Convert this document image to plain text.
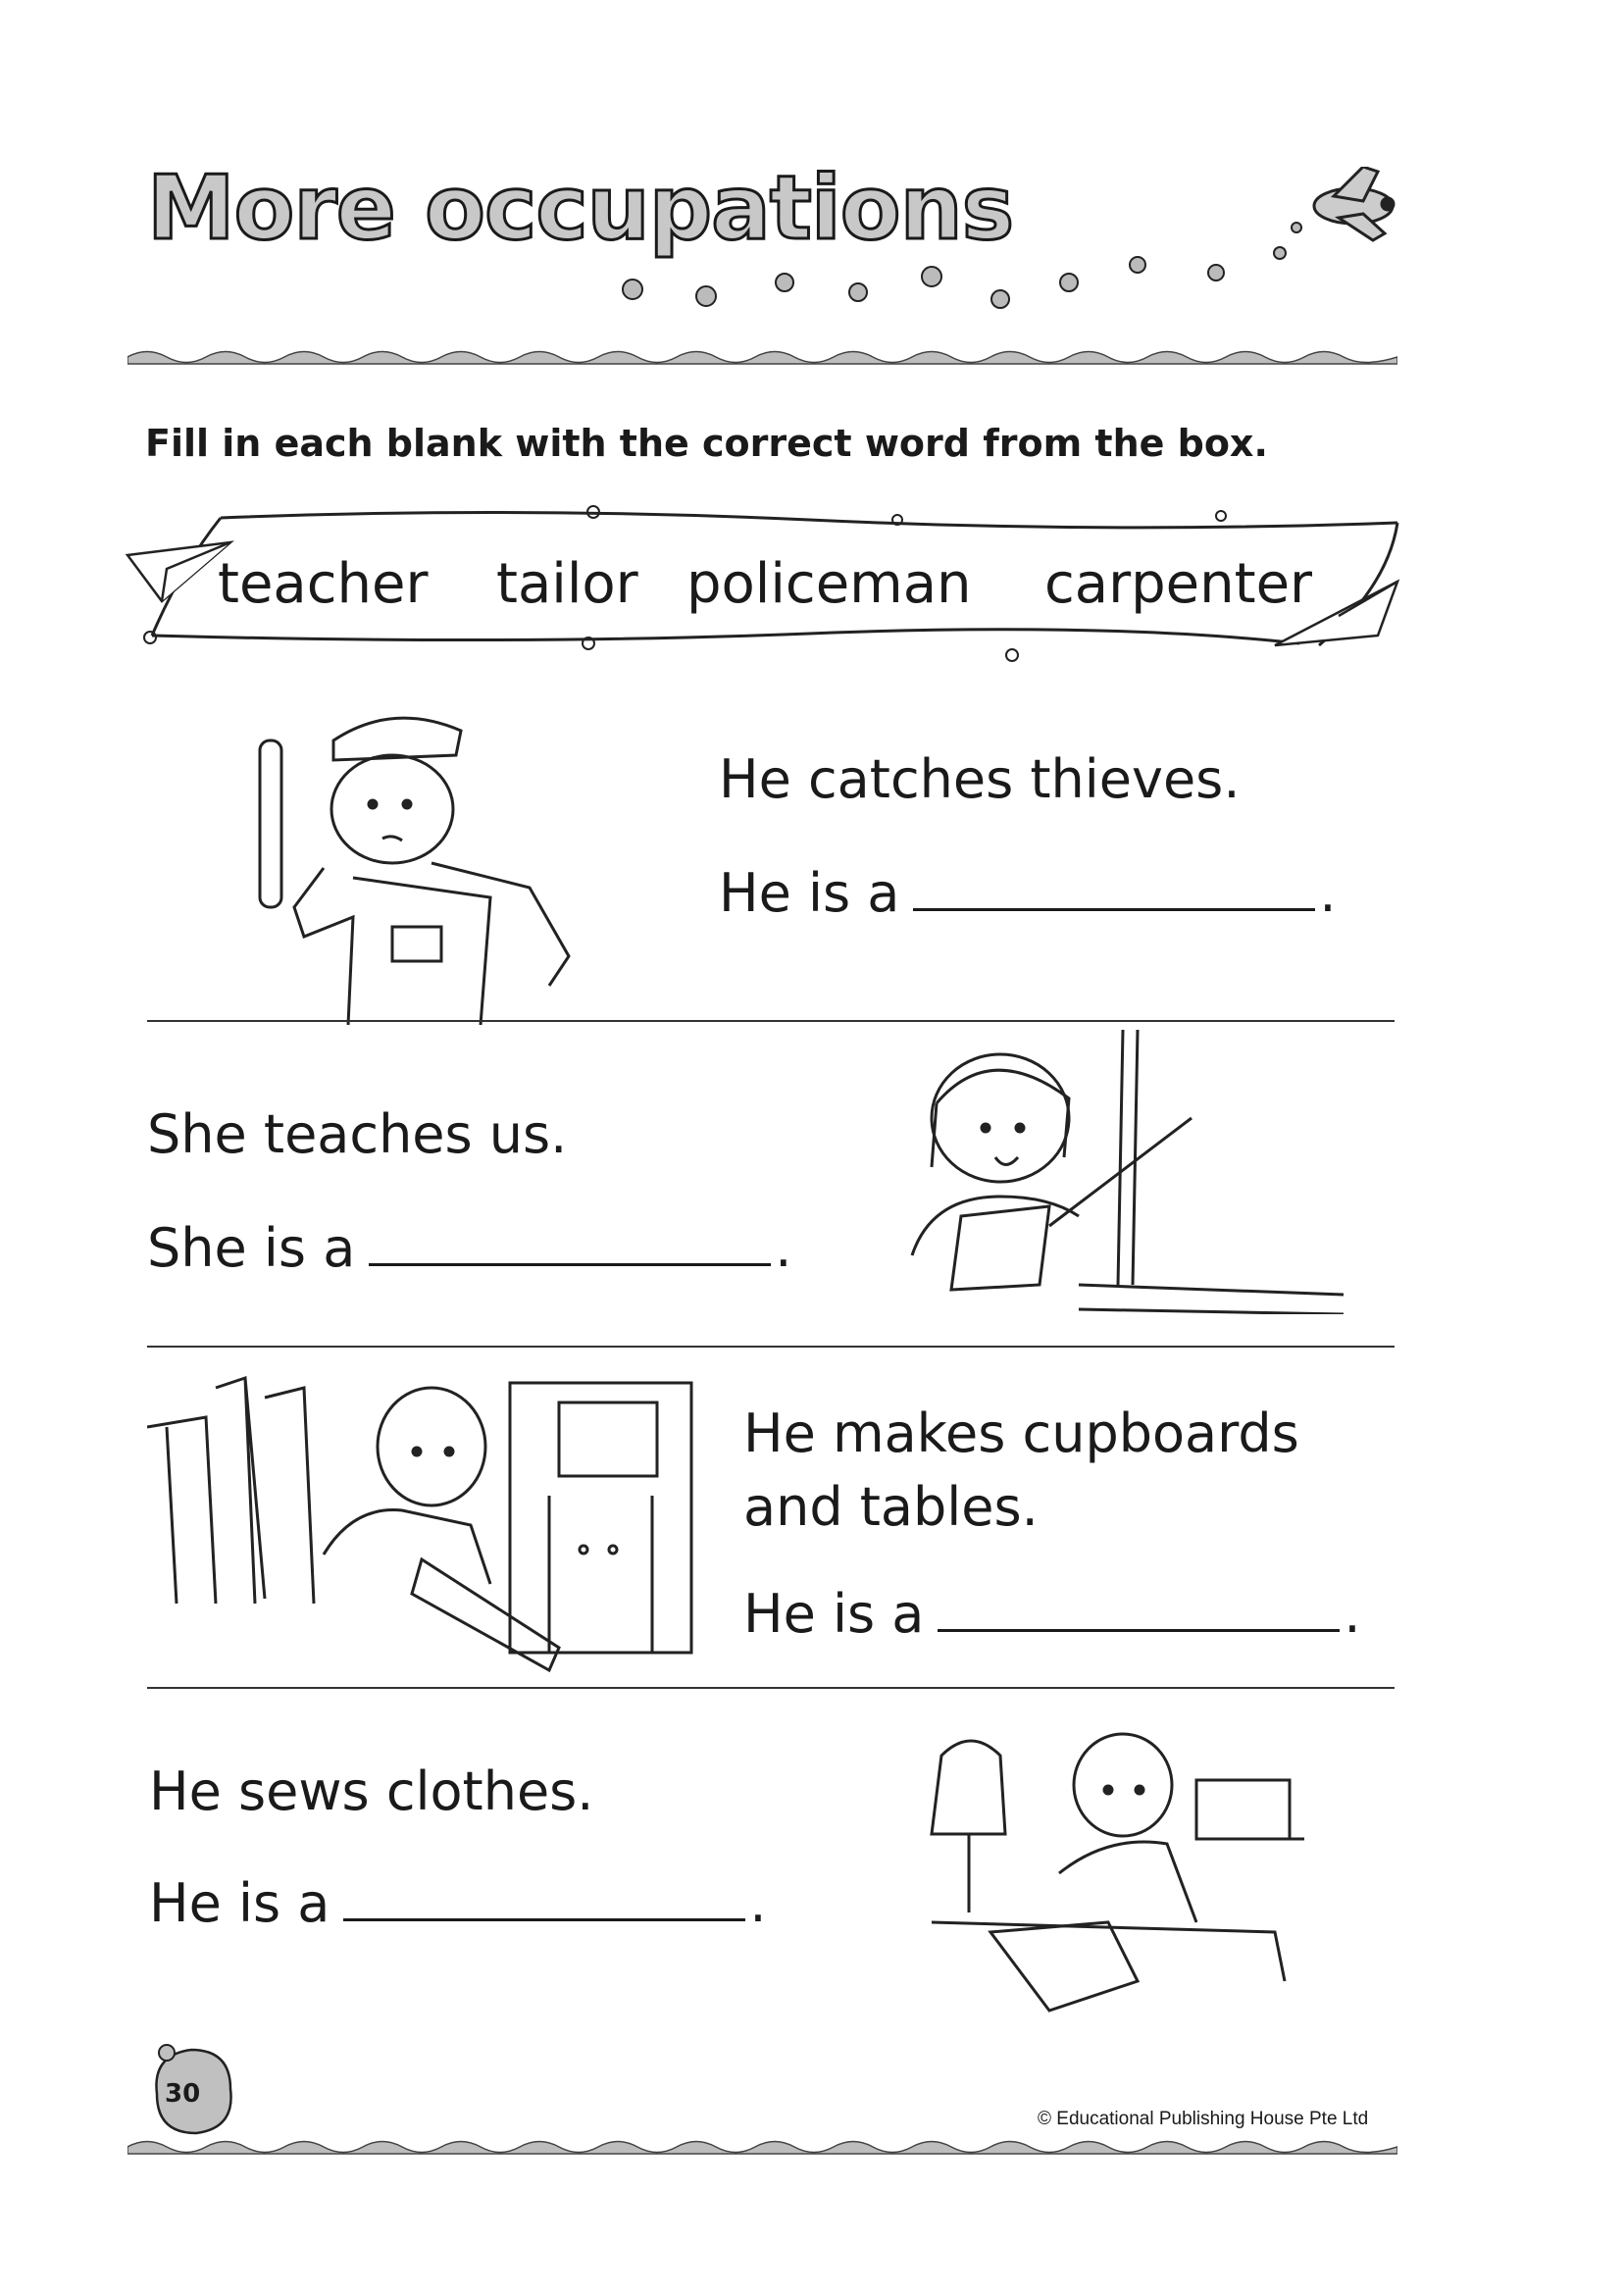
More occupations
Fill in each blank with the correct word from the box.
teacher tailor policeman carpenter
He catches thieves.
He is a	.
She teaches us.
She is a	.
He makes cupboards
and tables.
He is a	.
He sews clothes.
He is a	.
30
© Educational Publishing House Pte Ltd
